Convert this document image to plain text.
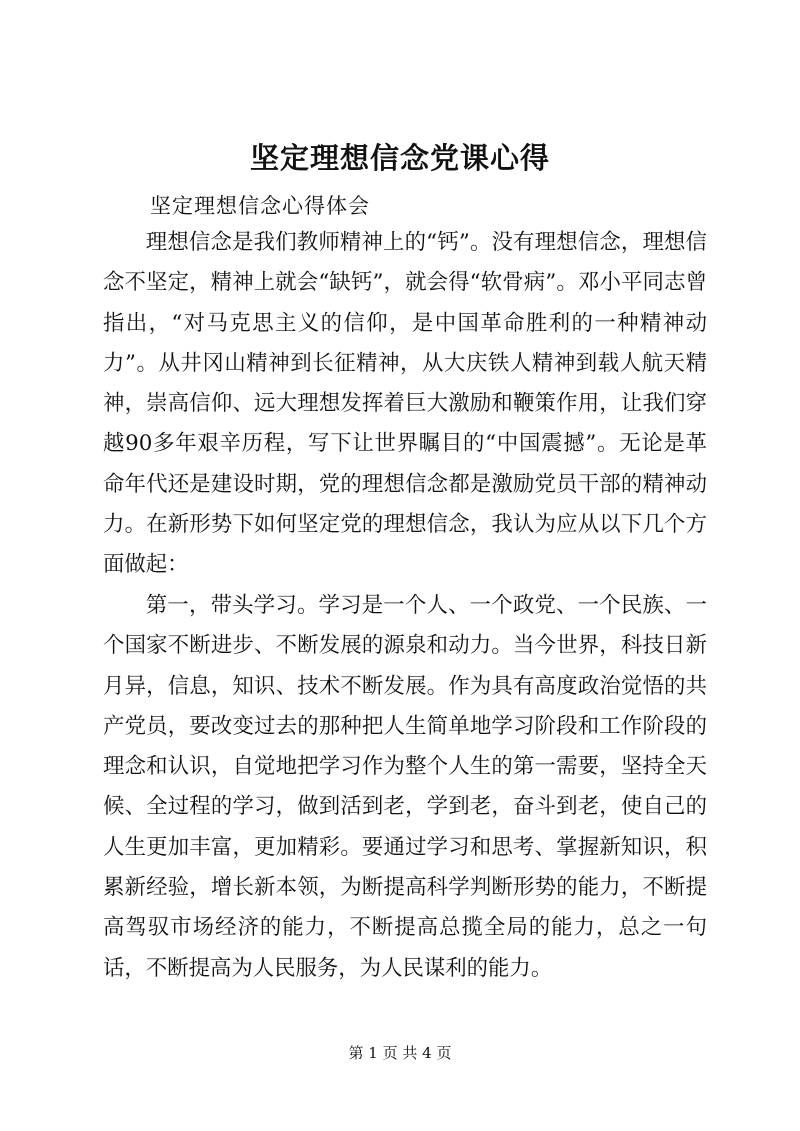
坚定理想信念党课心得
坚定理想信念心得体会

理想信念是我们教师精神上的“钙”。没有理想信念，理想信念不坚定，精神上就会“缺钙”，就会得“软骨病”。邓小平同志曾指出，“对马克思主义的信仰，是中国革命胜利的一种精神动力”。从井冈山精神到长征精神，从大庆铁人精神到载人航天精神，崇高信仰、远大理想发挥着巨大激励和鞭策作用，让我们穿越90多年艰辛历程，写下让世界瞩目的“中国震撼”。无论是革命年代还是建设时期，党的理想信念都是激励党员干部的精神动力。在新形势下如何坚定党的理想信念，我认为应从以下几个方面做起：

第一，带头学习。学习是一个人、一个政党、一个民族、一个国家不断进步、不断发展的源泉和动力。当今世界，科技日新月异，信息，知识、技术不断发展。作为具有高度政治觉悟的共产党员，要改变过去的那种把人生简单地学习阶段和工作阶段的理念和认识，自觉地把学习作为整个人生的第一需要，坚持全天候、全过程的学习，做到活到老，学到老，奋斗到老，使自己的人生更加丰富，更加精彩。要通过学习和思考、掌握新知识，积累新经验，增长新本领，为断提高科学判断形势的能力，不断提高驾驭市场经济的能力，不断提高总揽全局的能力，总之一句话，不断提高为人民服务，为人民谋利的能力。

第 1 页 共 4 页
